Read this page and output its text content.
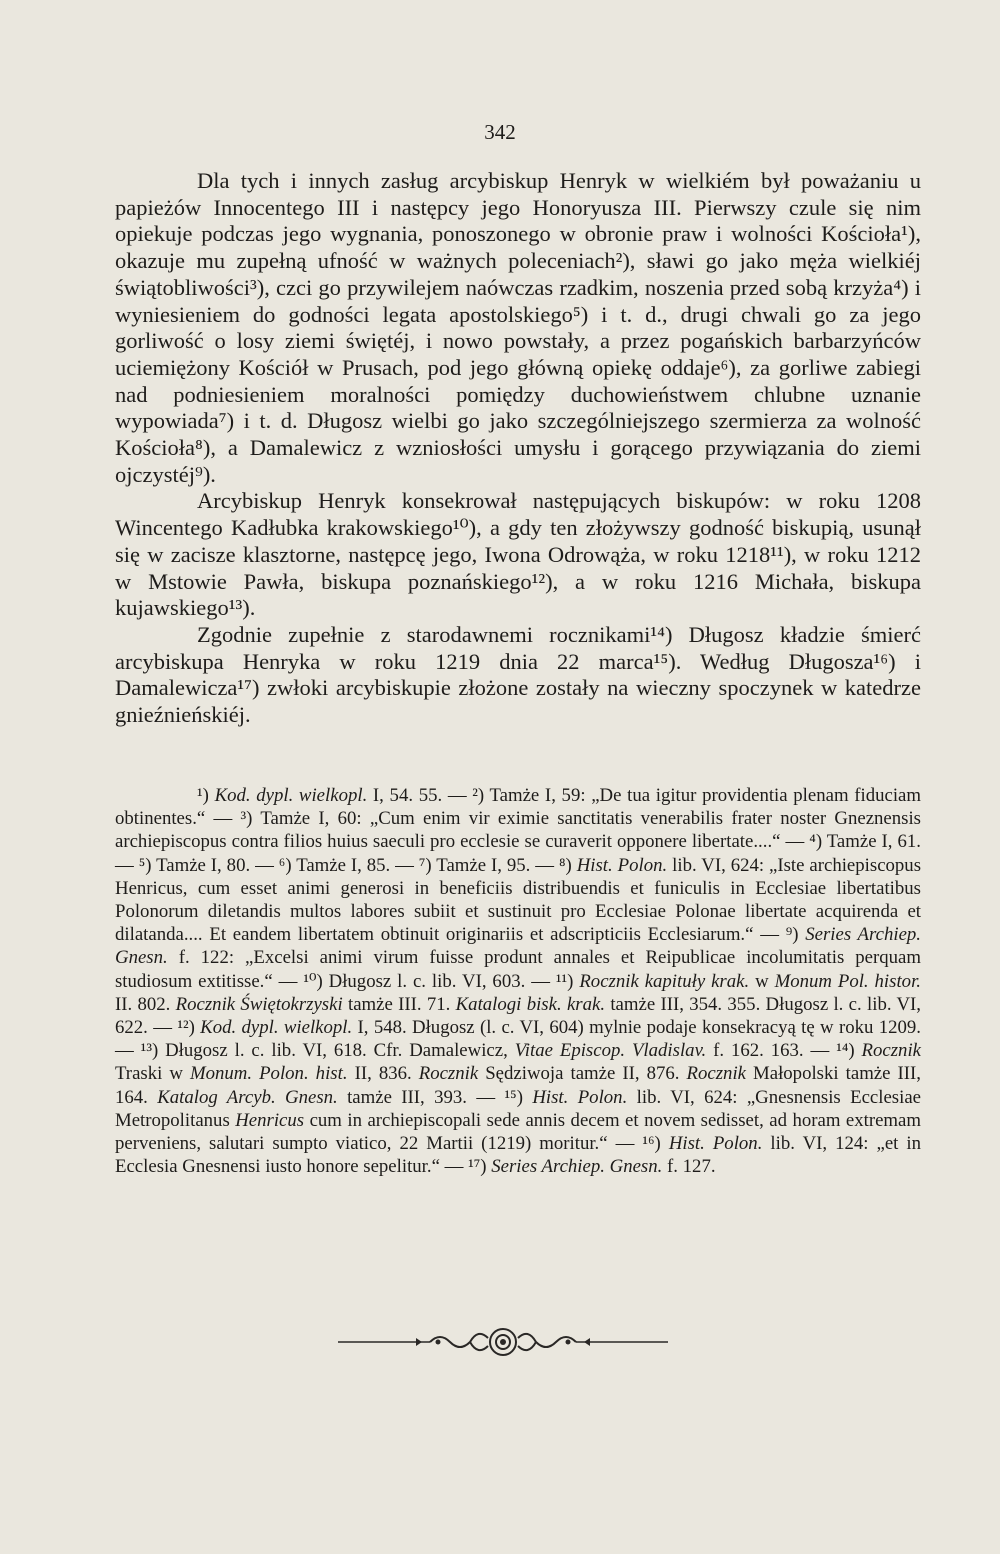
342

Dla tych i innych zasług arcybiskup Henryk w wielkiém był poważaniu u papieżów Innocentego III i następcy jego Honoryusza III. Pierwszy czule się nim opiekuje podczas jego wygnania, ponoszonego w obronie praw i wolności Kościoła¹), okazuje mu zupełną ufność w ważnych poleceniach²), sławi go jako męża wielkiéj świątobliwości³), czci go przywilejem naówczas rzadkim, noszenia przed sobą krzyża⁴) i wyniesieniem do godności legata apostolskiego⁵) i t. d., drugi chwali go za jego gorliwość o losy ziemi świętéj, i nowo powstały, a przez pogańskich barbarzyńców uciemiężony Kościół w Prusach, pod jego główną opiekę oddaje⁶), za gorliwe zabiegi nad podniesieniem moralności pomiędzy duchowieństwem chlubne uznanie wypowiada⁷) i t. d. Długosz wielbi go jako szczególniejszego szermierza za wolność Kościoła⁸), a Damalewicz z wzniosłości umysłu i gorącego przywiązania do ziemi ojczystéj⁹).

Arcybiskup Henryk konsekrował następujących biskupów: w roku 1208 Wincentego Kadłubka krakowskiego¹⁰), a gdy ten złożywszy godność biskupią, usunął się w zacisze klasztorne, następcę jego, Iwona Odrowąża, w roku 1218¹¹), w roku 1212 w Mstowie Pawła, biskupa poznańskiego¹²), a w roku 1216 Michała, biskupa kujawskiego¹³).

Zgodnie zupełnie z starodawnemi rocznikami¹⁴) Długosz kładzie śmierć arcybiskupa Henryka w roku 1219 dnia 22 marca¹⁵). Według Długosza¹⁶) i Damalewicza¹⁷) zwłoki arcybiskupie złożone zostały na wieczny spoczynek w katedrze gnieźnieńskiéj.

¹) Kod. dypl. wielkopl. I, 54. 55. — ²) Tamże I, 59: „De tua igitur providentia plenam fiduciam obtinentes.“ — ³) Tamże I, 60: „Cum enim vir eximie sanctitatis venerabilis frater noster Gneznensis archiepiscopus contra filios huius saeculi pro ecclesie se curaverit opponere libertate....“ — ⁴) Tamże I, 61. — ⁵) Tamże I, 80. — ⁶) Tamże I, 85. — ⁷) Tamże I, 95. — ⁸) Hist. Polon. lib. VI, 624: „Iste archiepiscopus Henricus, cum esset animi generosi in beneficiis distribuendis et funiculis in Ecclesiae libertatibus Polonorum diletandis multos labores subiit et sustinuit pro Ecclesiae Polonae libertate acquirenda et dilatanda.... Et eandem libertatem obtinuit originariis et adscripticiis Ecclesiarum.“ — ⁹) Series Archiep. Gnesn. f. 122: „Excelsi animi virum fuisse produnt annales et Reipublicae incolumitatis perquam studiosum extitisse.“ — ¹⁰) Długosz l. c. lib. VI, 603. — ¹¹) Rocznik kapituły krak. w Monum Pol. histor. II. 802. Rocznik Świętokrzyski tamże III. 71. Katalogi bisk. krak. tamże III, 354. 355. Długosz l. c. lib. VI, 622. — ¹²) Kod. dypl. wielkopl. I, 548. Długosz (l. c. VI, 604) mylnie podaje konsekracyą tę w roku 1209. — ¹³) Długosz l. c. lib. VI, 618. Cfr. Damalewicz, Vitae Episcop. Vladislav. f. 162. 163. — ¹⁴) Rocznik Traski w Monum. Polon. hist. II, 836. Rocznik Sędziwoja tamże II, 876. Rocznik Małopolski tamże III, 164. Katalog Arcyb. Gnesn. tamże III, 393. — ¹⁵) Hist. Polon. lib. VI, 624: „Gnesnensis Ecclesiae Metropolitanus Henricus cum in archiepiscopali sede annis decem et novem sedisset, ad horam extremam perveniens, salutari sumpto viatico, 22 Martii (1219) moritur.“ — ¹⁶) Hist. Polon. lib. VI, 124: „et in Ecclesia Gnesnensi iusto honore sepelitur.“ — ¹⁷) Series Archiep. Gnesn. f. 127.
